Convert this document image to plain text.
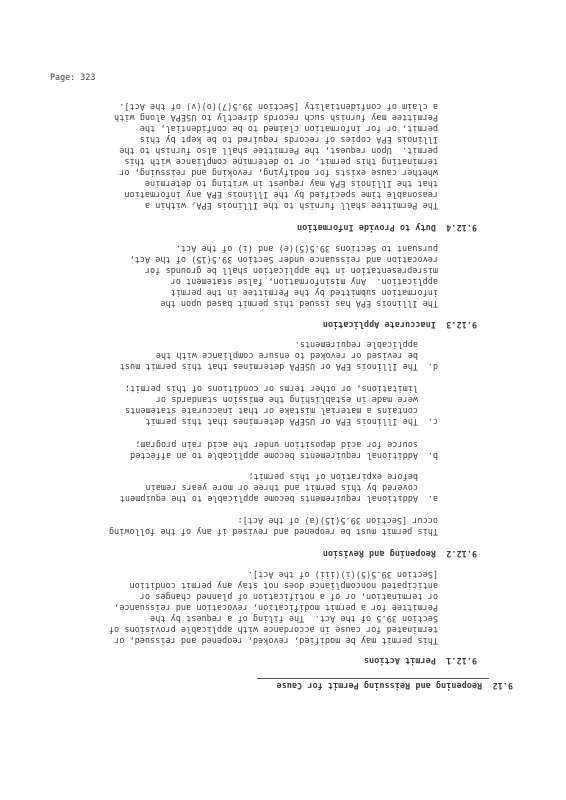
Page: 323
9.12  Reopening and Reissuing Permit for Cause
9.12.1  Permit Actions
This permit may be modified, revoked, reopened and reissued, or
terminated for cause in accordance with applicable provisions of
Section 39.5 of the Act.  The filing of a request by the
Permittee for a permit modification, revocation and reissuance,
or termination, or of a notification of planned changes or
anticipated noncompliance does not stay any permit condition
[Section 39.5(5)(i)(iii) of the Act].
9.12.2  Reopening and Revision
This permit must be reopened and revised if any of the following
occur [Section 39.5(15)(a) of the Act]:
a.
Additional requirements become applicable to the equipment
covered by this permit and three or more years remain
before expiration of this permit;
b.
Additional requirements become applicable to an affected
source for acid deposition under the acid rain program;
c.
The Illinois EPA or USEPA determines that this permit
contains a material mistake or that inaccurate statements
were made in establishing the emission standards or
limitations, or other terms or conditions of this permit;
d.
The Illinois EPA or USEPA determines that this permit must
be revised or revoked to ensure compliance with the
applicable requirements.
9.12.3  Inaccurate Application
The Illinois EPA has issued this permit based upon the
information submitted by the Permittee in the permit
application.  Any misinformation, false statement or
misrepresentation in the application shall be grounds for
revocation and reissuance under Section 39.5(15) of the Act,
pursuant to Sections 39.5(5)(e) and (i) of the Act.
9.12.4  Duty to Provide Information
The Permittee shall furnish to the Illinois EPA, within a
reasonable time specified by the Illinois EPA any information
that the Illinois EPA may request in writing to determine
whether cause exists for modifying, revoking and reissuing, or
terminating this permit, or to determine compliance with this
permit.  Upon request, the Permittee shall also furnish to the
Illinois EPA copies of records required to be kept by this
permit, or for information claimed to be confidential, the
Permittee may furnish such records directly to USEPA along with
a claim of confidentiality [Section 39.5(7)(o)(v) of the Act].
